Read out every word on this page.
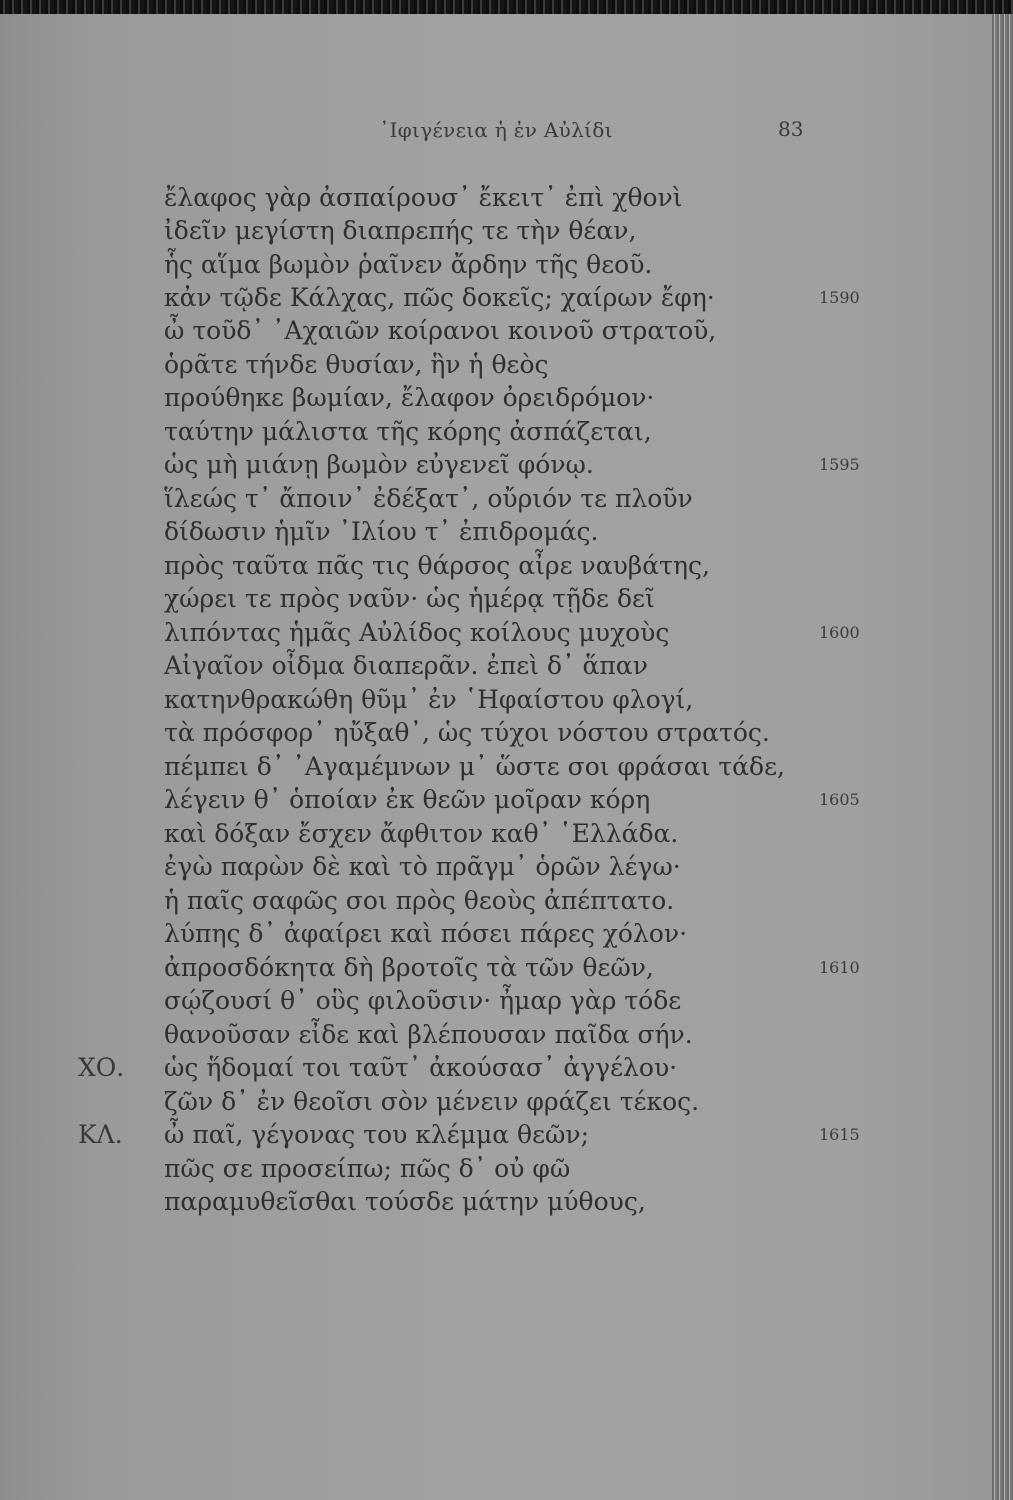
᾿Ιφιγένεια ἡ ἐν Αὐλίδι	83
ἔλαφος γὰρ ἀσπαίρουσ᾿ ἔκειτ᾿ ἐπὶ χθονὶ
ἰδεῖν μεγίστη διαπρεπής τε τὴν θέαν,
ἧς αἵμα βωμὸν ῥαῖνεν ἄρδην τῆς θεοῦ.
κἀν τῷδε Κάλχας, πῶς δοκεῖς; χαίρων ἔφη·
ὦ τοῦδ᾿ ᾿Αχαιῶν κοίρανοι κοινοῦ στρατοῦ,
ὁρᾶτε τήνδε θυσίαν, ἣν ἡ θεὸς
προύθηκε βωμίαν, ἔλαφον ὀρειδρόμον·
ταύτην μάλιστα τῆς κόρης ἀσπάζεται,
ὡς μὴ μιάνῃ βωμὸν εὐγενεῖ φόνῳ.
ἵλεώς τ᾿ ἄποιν᾿ ἐδέξατ᾿, οὔριόν τε πλοῦν
δίδωσιν ἡμῖν ᾿Ιλίου τ᾿ ἐπιδρομάς.
πρὸς ταῦτα πᾶς τις θάρσος αἶρε ναυβάτης,
χώρει τε πρὸς ναῦν· ὡς ἡμέρᾳ τῇδε δεῖ
λιπόντας ἡμᾶς Αὐλίδος κοίλους μυχοὺς
Αἰγαῖον οἶδμα διαπερᾶν. ἐπεὶ δ᾿ ἅπαν
κατηνθρακώθη θῦμ᾿ ἐν ῾Ηφαίστου φλογί,
τὰ πρόσφορ᾿ ηὔξαθ᾿, ὡς τύχοι νόστου στρατός.
πέμπει δ᾿ ᾿Αγαμέμνων μ᾿ ὥστε σοι φράσαι τάδε,
λέγειν θ᾿ ὁποίαν ἐκ θεῶν μοῖραν κόρη
καὶ δόξαν ἔσχεν ἄφθιτον καθ᾿ ῾Ελλάδα.
ἐγὼ παρὼν δὲ καὶ τὸ πρᾶγμ᾿ ὁρῶν λέγω·
ἡ παῖς σαφῶς σοι πρὸς θεοὺς ἀπέπτατο.
λύπης δ᾿ ἀφαίρει καὶ πόσει πάρες χόλον·
ἀπροσδόκητα δὴ βροτοῖς τὰ τῶν θεῶν,
σῴζουσί θ᾿ οὓς φιλοῦσιν· ἦμαρ γὰρ τόδε
θανοῦσαν εἶδε καὶ βλέπουσαν παῖδα σήν.
ὡς ἥδομαί τοι ταῦτ᾿ ἀκούσασ᾿ ἀγγέλου·
ζῶν δ᾿ ἐν θεοῖσι σὸν μένειν φράζει τέκος.
ὦ παῖ, γέγονας του κλέμμα θεῶν;
πῶς σε προσείπω; πῶς δ᾿ οὐ φῶ
παραμυθεῖσθαι τούσδε μάτην μύθους,
ΧΟ.
ΚΛ.
1590
1595
1600
1605
1610
1615
